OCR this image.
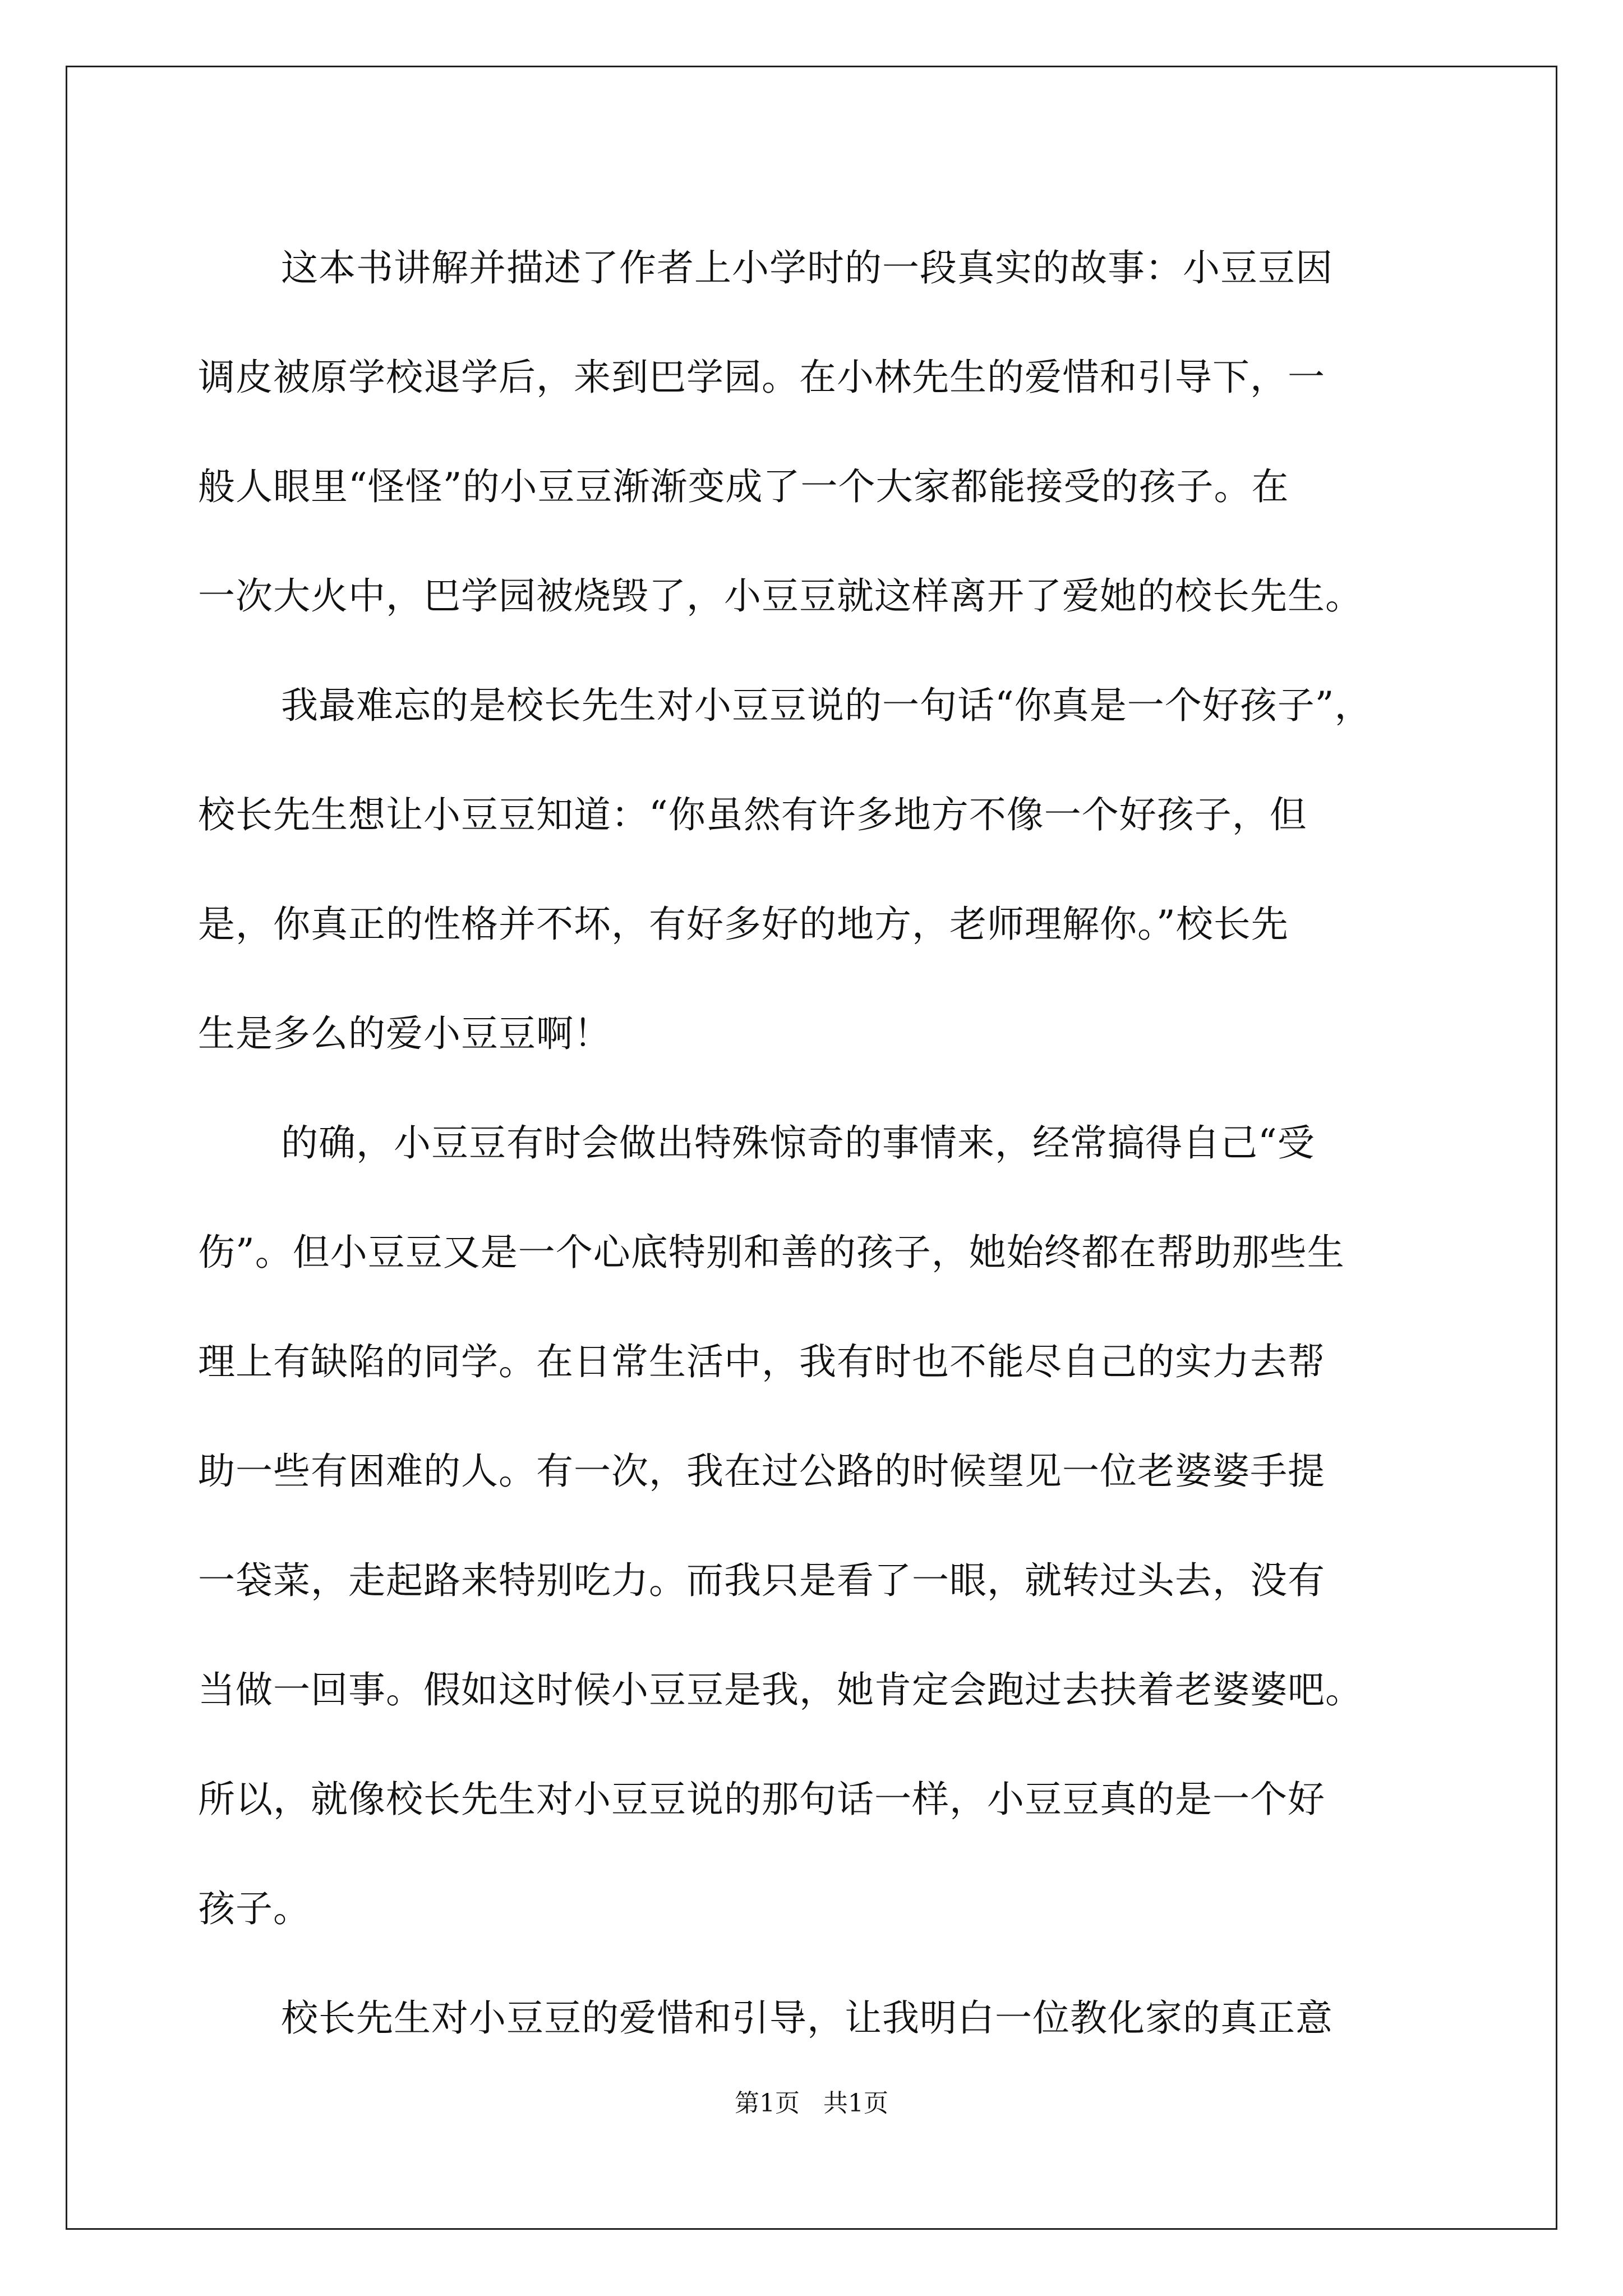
这本书讲解并描述了作者上小学时的一段真实的故事：小豆豆因
调皮被原学校退学后，来到巴学园。在小林先生的爱惜和引导下，一
般人眼里“怪怪”的小豆豆渐渐变成了一个大家都能接受的孩子。在
一次大火中，巴学园被烧毁了，小豆豆就这样离开了爱她的校长先生。
我最难忘的是校长先生对小豆豆说的一句话“你真是一个好孩子”，
校长先生想让小豆豆知道：“你虽然有许多地方不像一个好孩子，但
是，你真正的性格并不坏，有好多好的地方，老师理解你。”校长先
生是多么的爱小豆豆啊！
的确，小豆豆有时会做出特殊惊奇的事情来，经常搞得自己“受
伤”。但小豆豆又是一个心底特别和善的孩子，她始终都在帮助那些生
理上有缺陷的同学。在日常生活中，我有时也不能尽自己的实力去帮
助一些有困难的人。有一次，我在过公路的时候望见一位老婆婆手提
一袋菜，走起路来特别吃力。而我只是看了一眼，就转过头去，没有
当做一回事。假如这时候小豆豆是我，她肯定会跑过去扶着老婆婆吧。
所以，就像校长先生对小豆豆说的那句话一样，小豆豆真的是一个好
孩子。
校长先生对小豆豆的爱惜和引导，让我明白一位教化家的真正意
第1页 共1页
